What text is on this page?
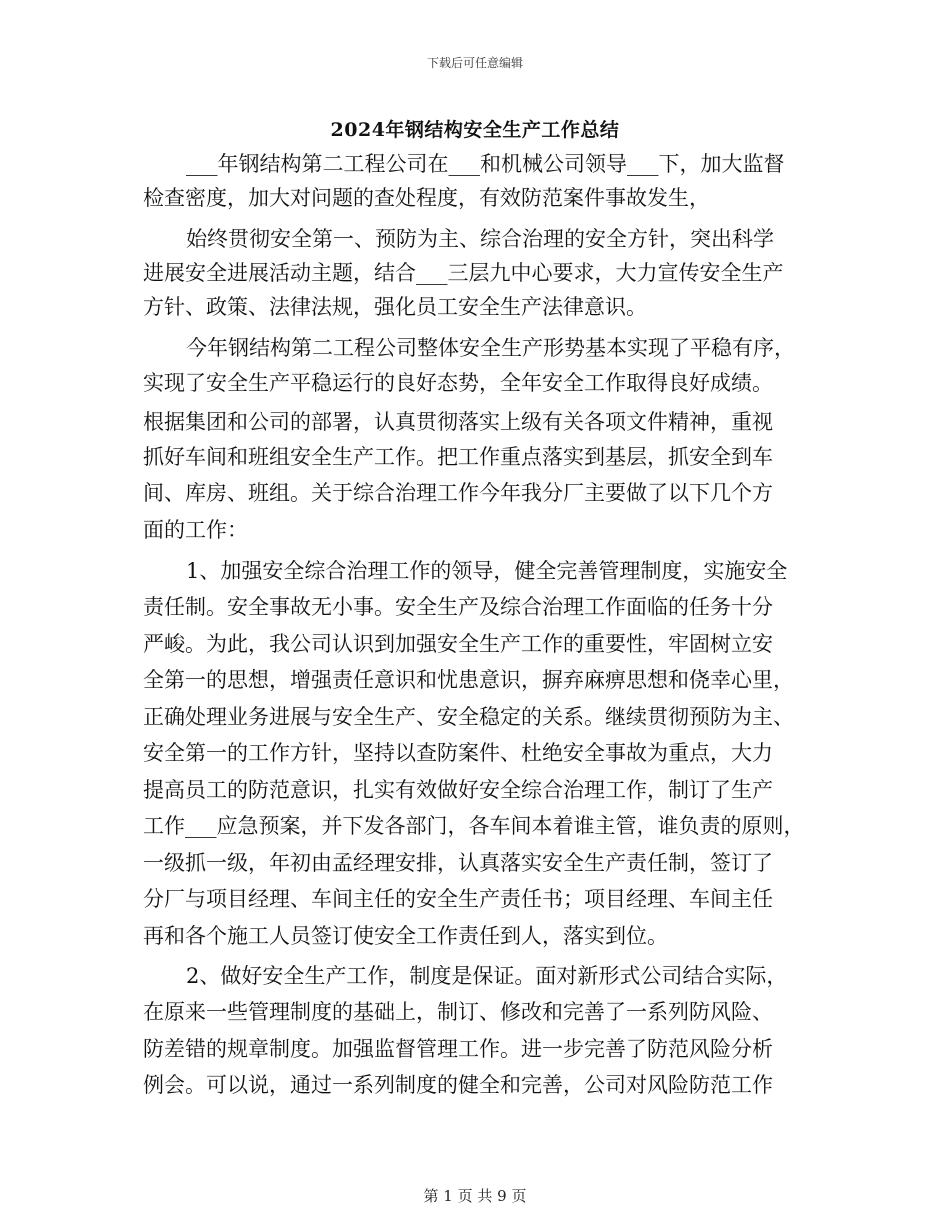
下载后可任意编辑
2024年钢结构安全生产工作总结
___年钢结构第二工程公司在___和机械公司领导___下，加大监督
检查密度，加大对问题的查处程度，有效防范案件事故发生，
始终贯彻安全第一、预防为主、综合治理的安全方针，突出科学
进展安全进展活动主题，结合___三层九中心要求，大力宣传安全生产
方针、政策、法律法规，强化员工安全生产法律意识。
今年钢结构第二工程公司整体安全生产形势基本实现了平稳有序，
实现了安全生产平稳运行的良好态势，全年安全工作取得良好成绩。
根据集团和公司的部署，认真贯彻落实上级有关各项文件精神，重视
抓好车间和班组安全生产工作。把工作重点落实到基层，抓安全到车
间、库房、班组。关于综合治理工作今年我分厂主要做了以下几个方
面的工作：
1、加强安全综合治理工作的领导，健全完善管理制度，实施安全
责任制。安全事故无小事。安全生产及综合治理工作面临的任务十分
严峻。为此，我公司认识到加强安全生产工作的重要性，牢固树立安
全第一的思想，增强责任意识和忧患意识，摒弃麻痹思想和侥幸心里，
正确处理业务进展与安全生产、安全稳定的关系。继续贯彻预防为主、
安全第一的工作方针，坚持以查防案件、杜绝安全事故为重点，大力
提高员工的防范意识，扎实有效做好安全综合治理工作，制订了生产
工作___应急预案，并下发各部门，各车间本着谁主管，谁负责的原则，
一级抓一级，年初由孟经理安排，认真落实安全生产责任制，签订了
分厂与项目经理、车间主任的安全生产责任书；项目经理、车间主任
再和各个施工人员签订使安全工作责任到人，落实到位。
2、做好安全生产工作，制度是保证。面对新形式公司结合实际，
在原来一些管理制度的基础上，制订、修改和完善了一系列防风险、
防差错的规章制度。加强监督管理工作。进一步完善了防范风险分析
例会。可以说，通过一系列制度的健全和完善，公司对风险防范工作
第 1 页 共 9 页
